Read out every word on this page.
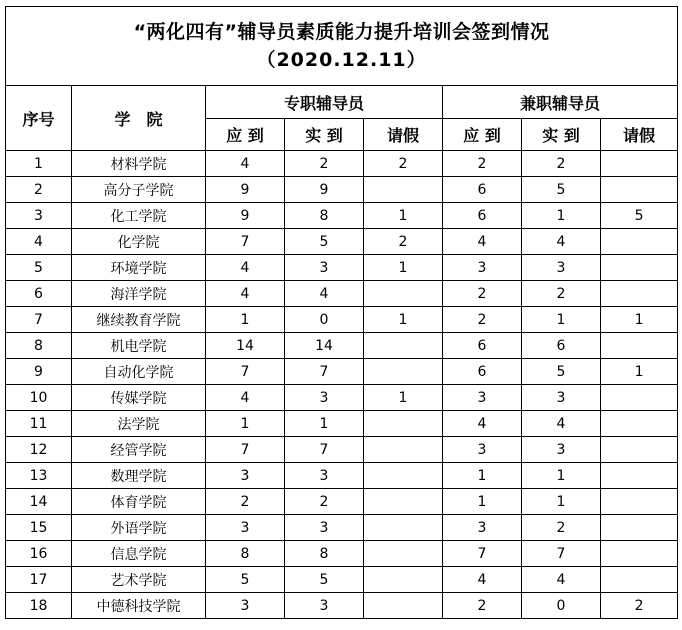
“两化四有”辅导员素质能力提升培训会签到情况
（2020.12.11）							

序号	学　院	专职辅导员			兼职辅导员		
		应 到	实 到	请假	应 到	实 到	请假
1	材料学院	4	2	2	2	2	
2	高分子学院	9	9		6	5	
3	化工学院	9	8	1	6	1	5
4	化学院	7	5	2	4	4	
5	环境学院	4	3	1	3	3	
6	海洋学院	4	4		2	2	
7	继续教育学院	1	0	1	2	1	1
8	机电学院	14	14		6	6	
9	自动化学院	7	7		6	5	1
10	传媒学院	4	3	1	3	3	
11	法学院	1	1		4	4	
12	经管学院	7	7		3	3	
13	数理学院	3	3		1	1	
14	体育学院	2	2		1	1	
15	外语学院	3	3		3	2	
16	信息学院	8	8		7	7	
17	艺术学院	5	5		4	4	
18	中德科技学院	3	3		2	0	2
